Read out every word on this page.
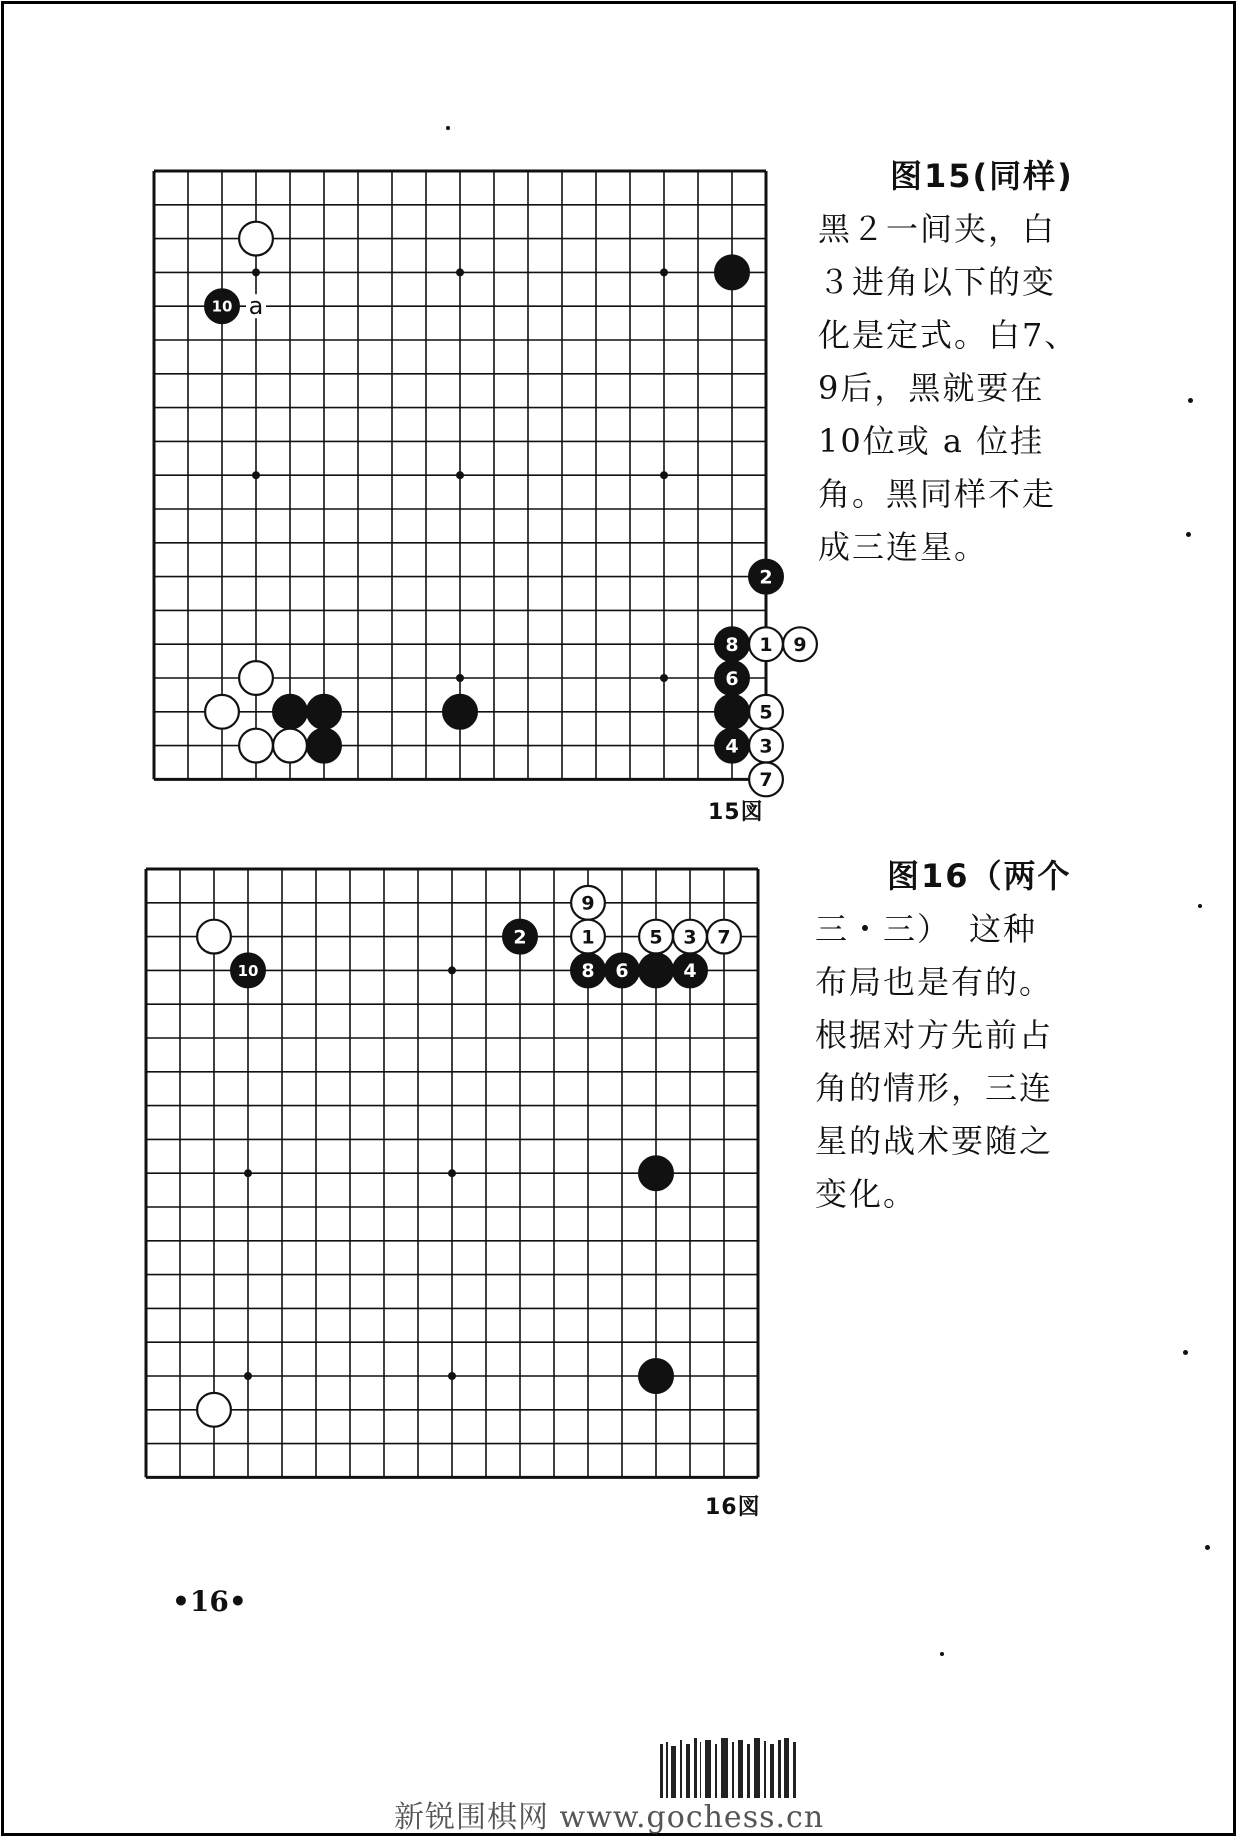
10 a
2
8 1 9
6
5
4 3
7
15図
图15(同样)
黑２一间夹，白
３进角以下的变
化是定式。白7、
9后，黑就要在
10位或 a 位挂
角。黑同样不走
成三连星。
9
2	1	5 3 7
10	8 6	4
16図
图16（两个
三・三）　这种
布局也是有的。
根据对方先前占
角的情形，三连
星的战术要随之
变化。
•16•
新锐围棋网 www.gochess.cn
